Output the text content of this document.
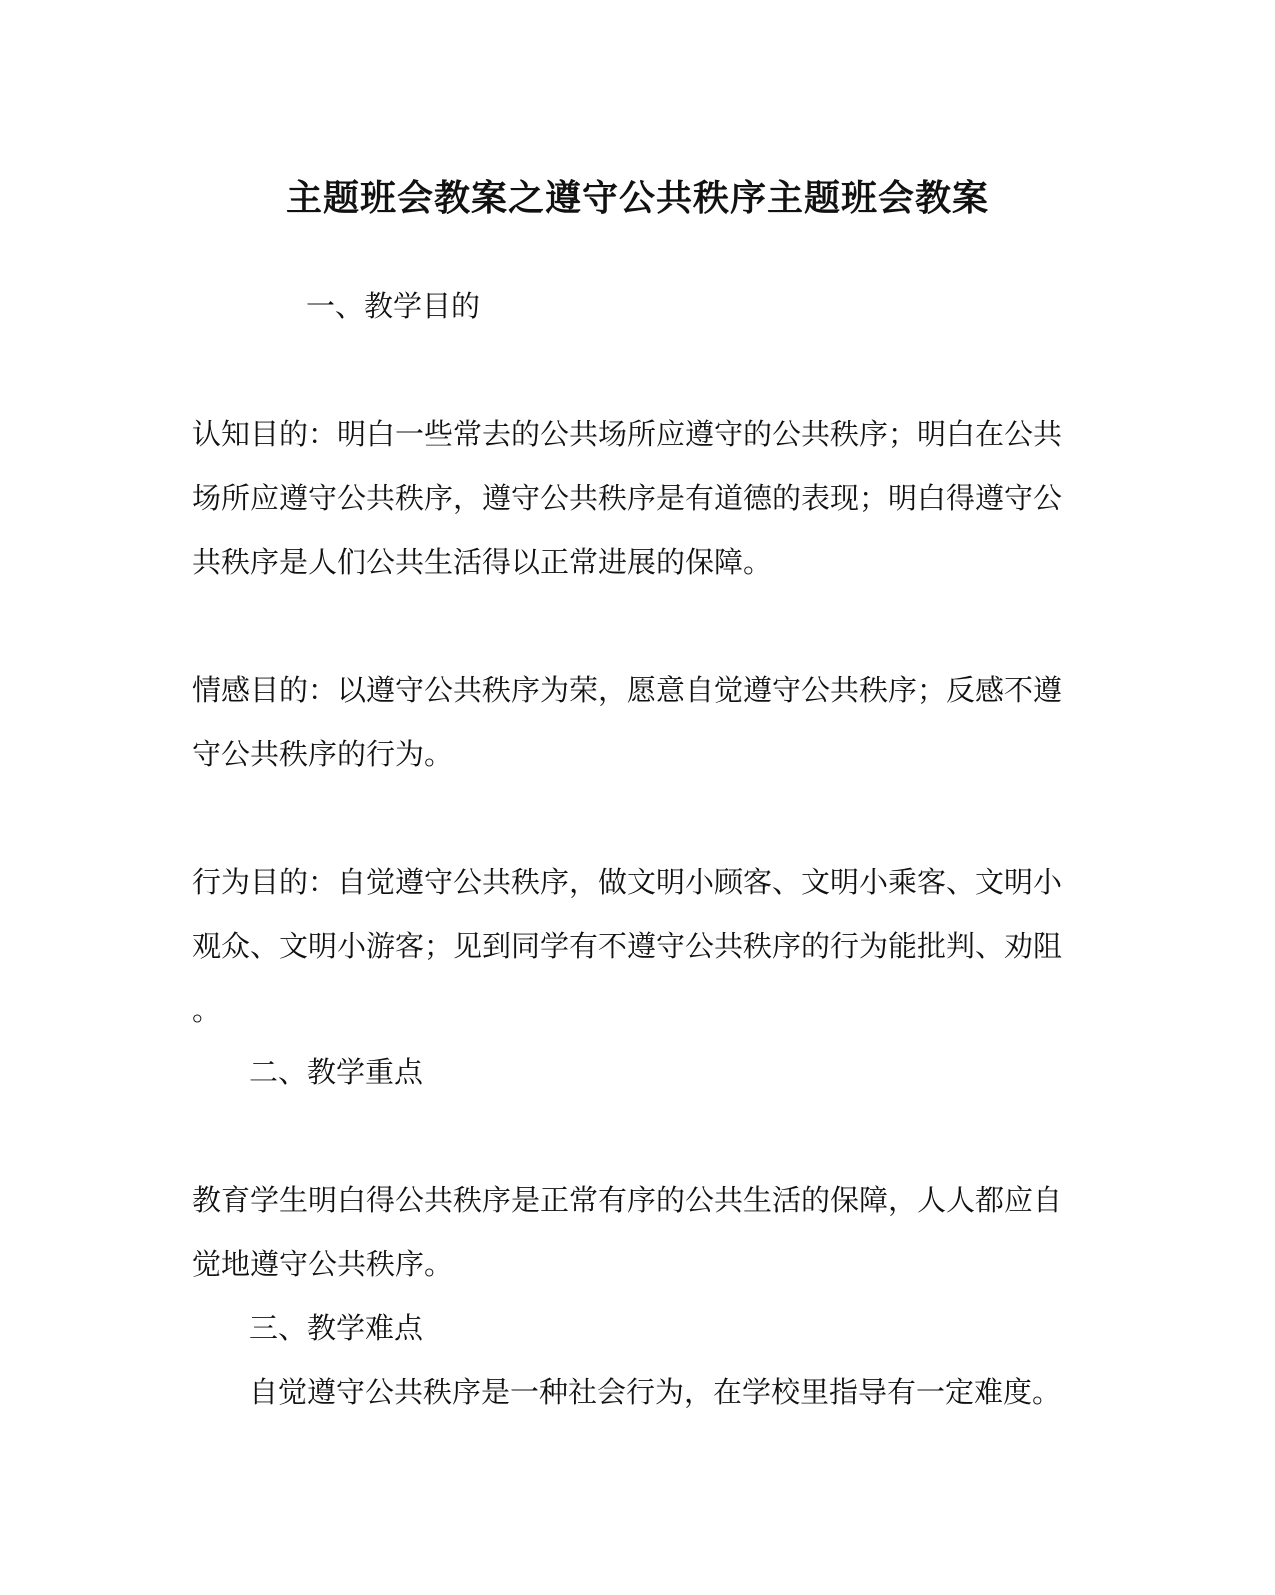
主题班会教案之遵守公共秩序主题班会教案
一、教学目的
认知目的：明白一些常去的公共场所应遵守的公共秩序；明白在公共
场所应遵守公共秩序，遵守公共秩序是有道德的表现；明白得遵守公
共秩序是人们公共生活得以正常进展的保障。
情感目的：以遵守公共秩序为荣，愿意自觉遵守公共秩序；反感不遵
守公共秩序的行为。
行为目的：自觉遵守公共秩序，做文明小顾客、文明小乘客、文明小
观众、文明小游客；见到同学有不遵守公共秩序的行为能批判、劝阻
。
二、教学重点
教育学生明白得公共秩序是正常有序的公共生活的保障，人人都应自
觉地遵守公共秩序。
三、教学难点
自觉遵守公共秩序是一种社会行为，在学校里指导有一定难度。
